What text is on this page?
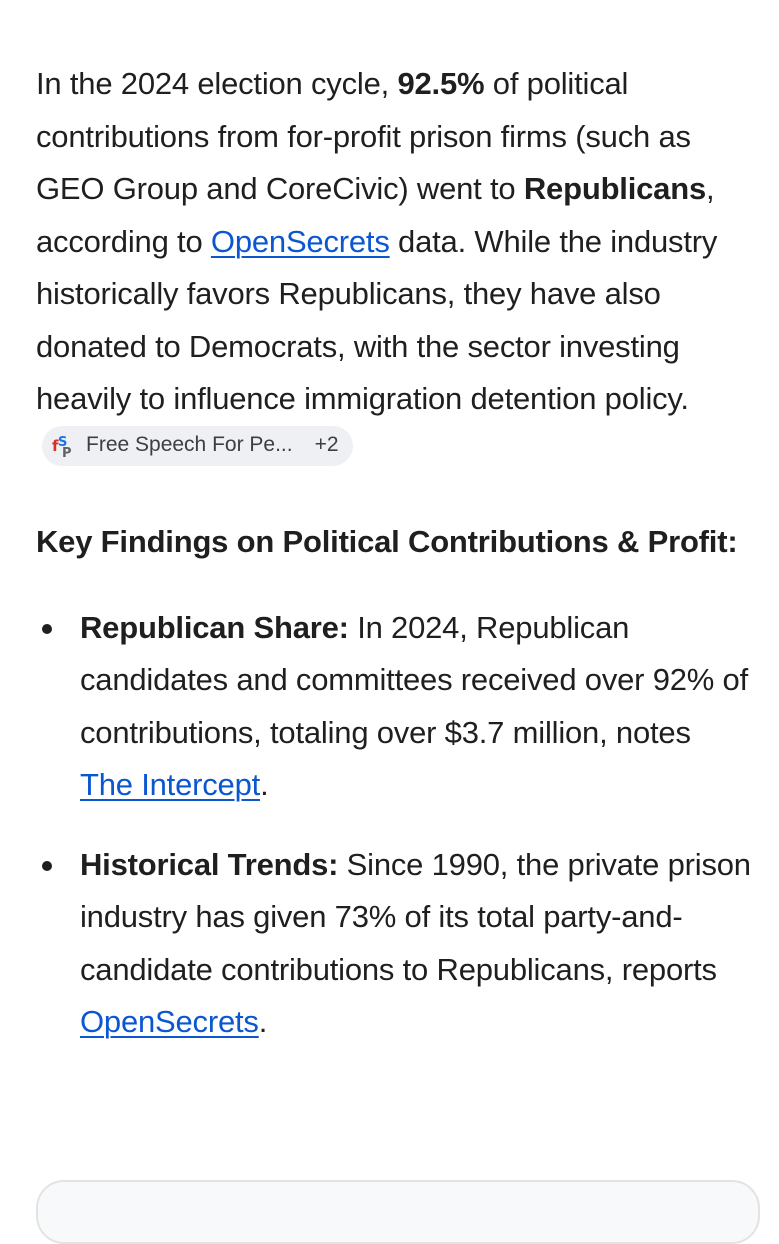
In the 2024 election cycle, 92.5% of political contributions from for-profit prison firms (such as GEO Group and CoreCivic) went to Republicans, according to OpenSecrets data. While the industry historically favors Republicans, they have also donated to Democrats, with the sector investing heavily to influence immigration detention policy.
f S
P Free Speech For Pe... +2

Key Findings on Political Contributions & Profit:
Republican Share: In 2024, Republican candidates and committees received over 92% of contributions, totaling over $3.7 million, notes The Intercept.
Historical Trends: Since 1990, the private prison industry has given 73% of its total party-and-candidate contributions to Republicans, reports OpenSecrets.
